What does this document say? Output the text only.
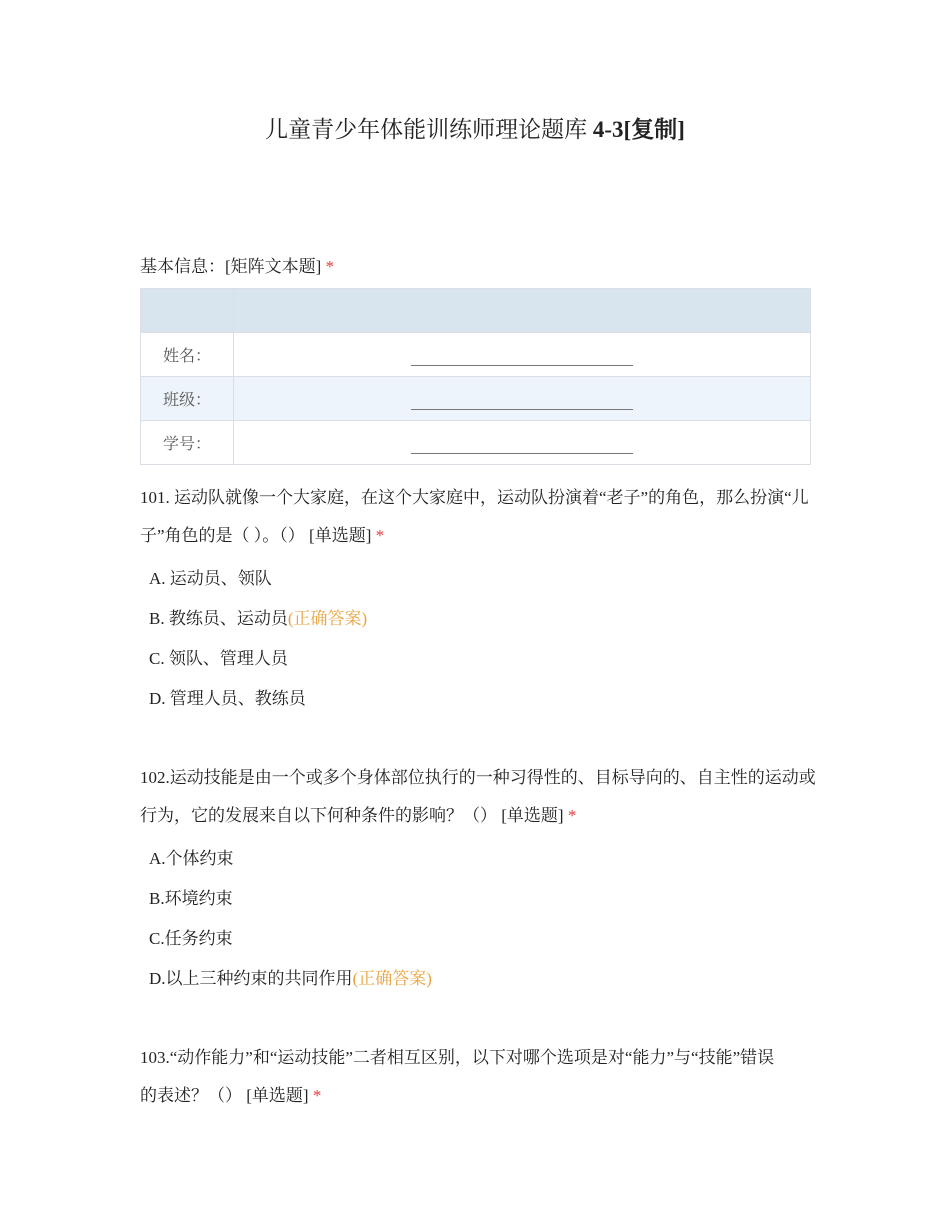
儿童青少年体能训练师理论题库 4-3[复制]
基本信息：[矩阵文本题] *

姓名：	
班级：	
学号：	
101. 运动队就像一个大家庭，在这个大家庭中，运动队扮演着“老子”的角色，那么扮演“儿子”角色的是（ ）。（） [单选题] *
A. 运动员、领队
B. 教练员、运动员(正确答案)
C. 领队、管理人员
D. 管理人员、教练员
102.运动技能是由一个或多个身体部位执行的一种习得性的、目标导向的、自主性的运动或行为，它的发展来自以下何种条件的影响？（） [单选题] *
A.个体约束
B.环境约束
C.任务约束
D.以上三种约束的共同作用(正确答案)
103.“动作能力”和“运动技能”二者相互区别，以下对哪个选项是对“能力”与“技能”错误的表述？（） [单选题] *
